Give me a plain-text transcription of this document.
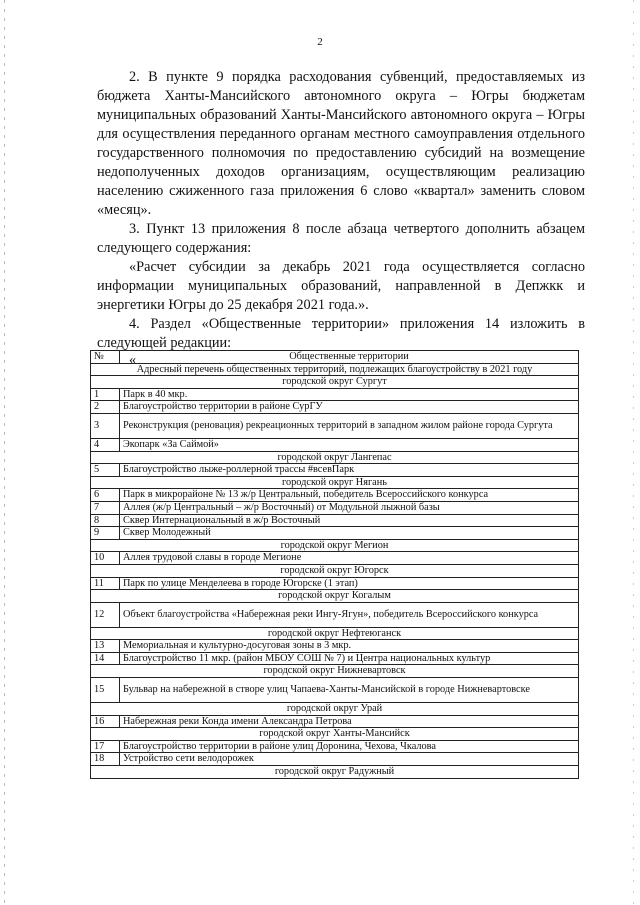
2

2. В пункте 9 порядка расходования субвенций, предоставляемых из бюджета Ханты-Мансийского автономного округа – Югры бюджетам муниципальных образований Ханты-Мансийского автономного округа – Югры для осуществления переданного органам местного самоуправления отдельного государственного полномочия по предоставлению субсидий на возмещение недополученных доходов организациям, осуществляющим реализацию населению сжиженного газа приложения 6 слово «квартал» заменить словом «месяц».

3. Пункт 13 приложения 8 после абзаца четвертого дополнить абзацем следующего содержания:

«Расчет субсидии за декабрь 2021 года осуществляется согласно информации муниципальных образований, направленной в Депжкк и энергетики Югры до 25 декабря 2021 года.».

4. Раздел «Общественные территории» приложения 14 изложить в следующей редакции:

«

№	Общественные территории
Адресный перечень общественных территорий, подлежащих благоустройству в 2021 году	
городской округ Сургут	
1	Парк в 40 мкр.
2	Благоустройство территории в районе СурГУ
3	Реконструкция (реновация) рекреационных территорий в западном жилом районе города Сургута
4	Экопарк «За Саймой»
городской округ Лангепас	
5	Благоустройство лыже-роллерной трассы #всевПарк
городской округ Нягань	
6	Парк в микрорайоне № 13 ж/р Центральный, победитель Всероссийского конкурса
7	Аллея (ж/р Центральный – ж/р Восточный) от Модульной лыжной базы
8	Сквер Интернациональный в ж/р Восточный
9	Сквер Молодежный
городской округ Мегион	
10	Аллея трудовой славы в городе Мегионе
городской округ Югорск	
11	Парк по улице Менделеева в городе Югорске (1 этап)
городской округ Когалым	
12	Объект благоустройства «Набережная реки Ингу-Ягун», победитель Всероссийского конкурса
городской округ Нефтеюганск	
13	Мемориальная и культурно-досуговая зоны в 3 мкр.
14	Благоустройство 11 мкр. (район МБОУ СОШ № 7) и Центра национальных культур
городской округ Нижневартовск	
15	Бульвар на набережной в створе улиц Чапаева-Ханты-Мансийской в городе Нижневартовске
городской округ Урай	
16	Набережная реки Конда имени Александра Петрова
городской округ Ханты-Мансийск	
17	Благоустройство территории в районе улиц Доронина, Чехова, Чкалова
18	Устройство сети велодорожек
городской округ Радужный	
